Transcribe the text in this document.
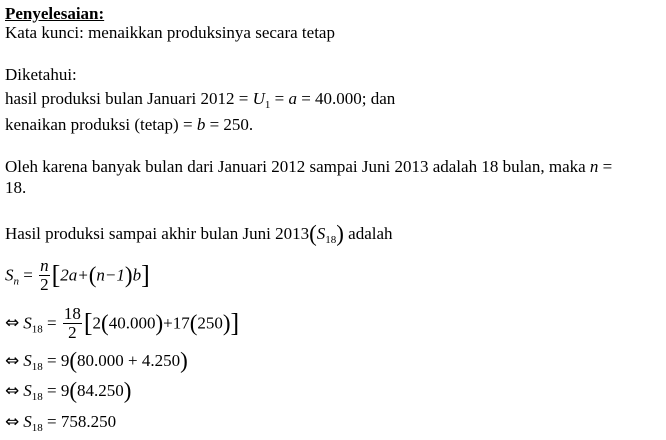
Penyelesaian:
Kata kunci: menaikkan produksinya secara tetap
Diketahui:
hasil produksi bulan Januari $2012 = U_1 = a = 40.000$; dan
kenaikan produksi (tetap) = b = 250.
Oleh karena banyak bulan dari Januari 2012 sampai Juni 2013 adalah 18 bulan, maka n =
18.
Hasil produksi sampai akhir bulan Juni $2013(S_{18})$ adalah
$S_n = \frac{n}{2} [2a+(n-1)b]$
⇔ $S_{18} = \frac{18}{2} [2(40.000)+17(250)]$
⇔ $S_{18} = 9(80.000 + 4.250)$
⇔ $S_{18} = 9(84.250)$
⇔ $S_{18} = 758.250$
